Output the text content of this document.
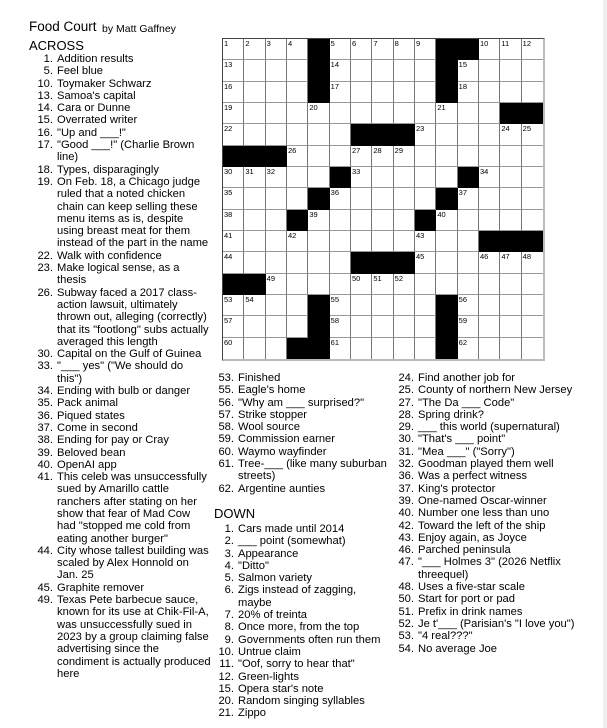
Food Court by Matt Gaffney
ACROSS
1. Addition results
5. Feel blue
10. Toymaker Schwarz
13. Samoa's capital
14. Cara or Dunne
15. Overrated writer
16. "Up and ___!"
17. "Good ___!" (Charlie Brown line)
18. Types, disparagingly
19. On Feb. 18, a Chicago judge ruled that a noted chicken chain can keep selling these menu items as is, despite using breast meat for them instead of the part in the name
22. Walk with confidence
23. Make logical sense, as a thesis
26. Subway faced a 2017 class-action lawsuit, ultimately thrown out, alleging (correctly) that its "footlong" subs actually averaged this length
30. Capital on the Gulf of Guinea
33. "___ yes" ("We should do this")
34. Ending with bulb or danger
35. Pack animal
36. Piqued states
37. Come in second
38. Ending for pay or Cray
39. Beloved bean
40. OpenAI app
41. This celeb was unsuccessfully sued by Amarillo cattle ranchers after stating on her show that fear of Mad Cow had "stopped me cold from eating another burger"
44. City whose tallest building was scaled by Alex Honnold on Jan. 25
45. Graphite remover
49. Texas Pete barbecue sauce, known for its use at Chik-Fil-A, was unsuccessfully sued in 2023 by a group claiming false advertising since the condiment is actually produced here
53. Finished
55. Eagle's home
56. "Why am ___ surprised?"
57. Strike stopper
58. Wool source
59. Commission earner
60. Waymo wayfinder
61. Tree-___ (like many suburban streets)
62. Argentine aunties
DOWN
1. Cars made until 2014
2. ___ point (somewhat)
3. Appearance
4. "Ditto"
5. Salmon variety
6. Zigs instead of zagging, maybe
7. 20% of treinta
8. Once more, from the top
9. Governments often run them
10. Untrue claim
11. "Oof, sorry to hear that"
12. Green-lights
15. Opera star's note
20. Random singing syllables
21. Zippo
24. Find another job for
25. County of northern New Jersey
27. "The Da ___ Code"
28. Spring drink?
29. ___ this world (supernatural)
30. "That's ___ point"
31. "Mea ___" ("Sorry")
32. Goodman played them well
36. Was a perfect witness
37. King's protector
39. One-named Oscar-winner
40. Number one less than uno
42. Toward the left of the ship
43. Enjoy again, as Joyce
46. Parched peninsula
47. "___ Holmes 3" (2026 Netflix threequel)
48. Uses a five-star scale
50. Start for port or pad
51. Prefix in drink names
52. Je t'___ (Parisian's "I love you")
53. "4 real???"
54. No average Joe
1 2 3 4	5 6 7 8 9	10 11 12
13	14	15
16	17	18
19	20	21
22	23	24 25
26	27 28 29
30 31 32	33	34
35	36	37
38	39	40
41	42	43
44	45	46 47 48
49	50 51 52
53 54	55	56
57	58	59
60	61	62
